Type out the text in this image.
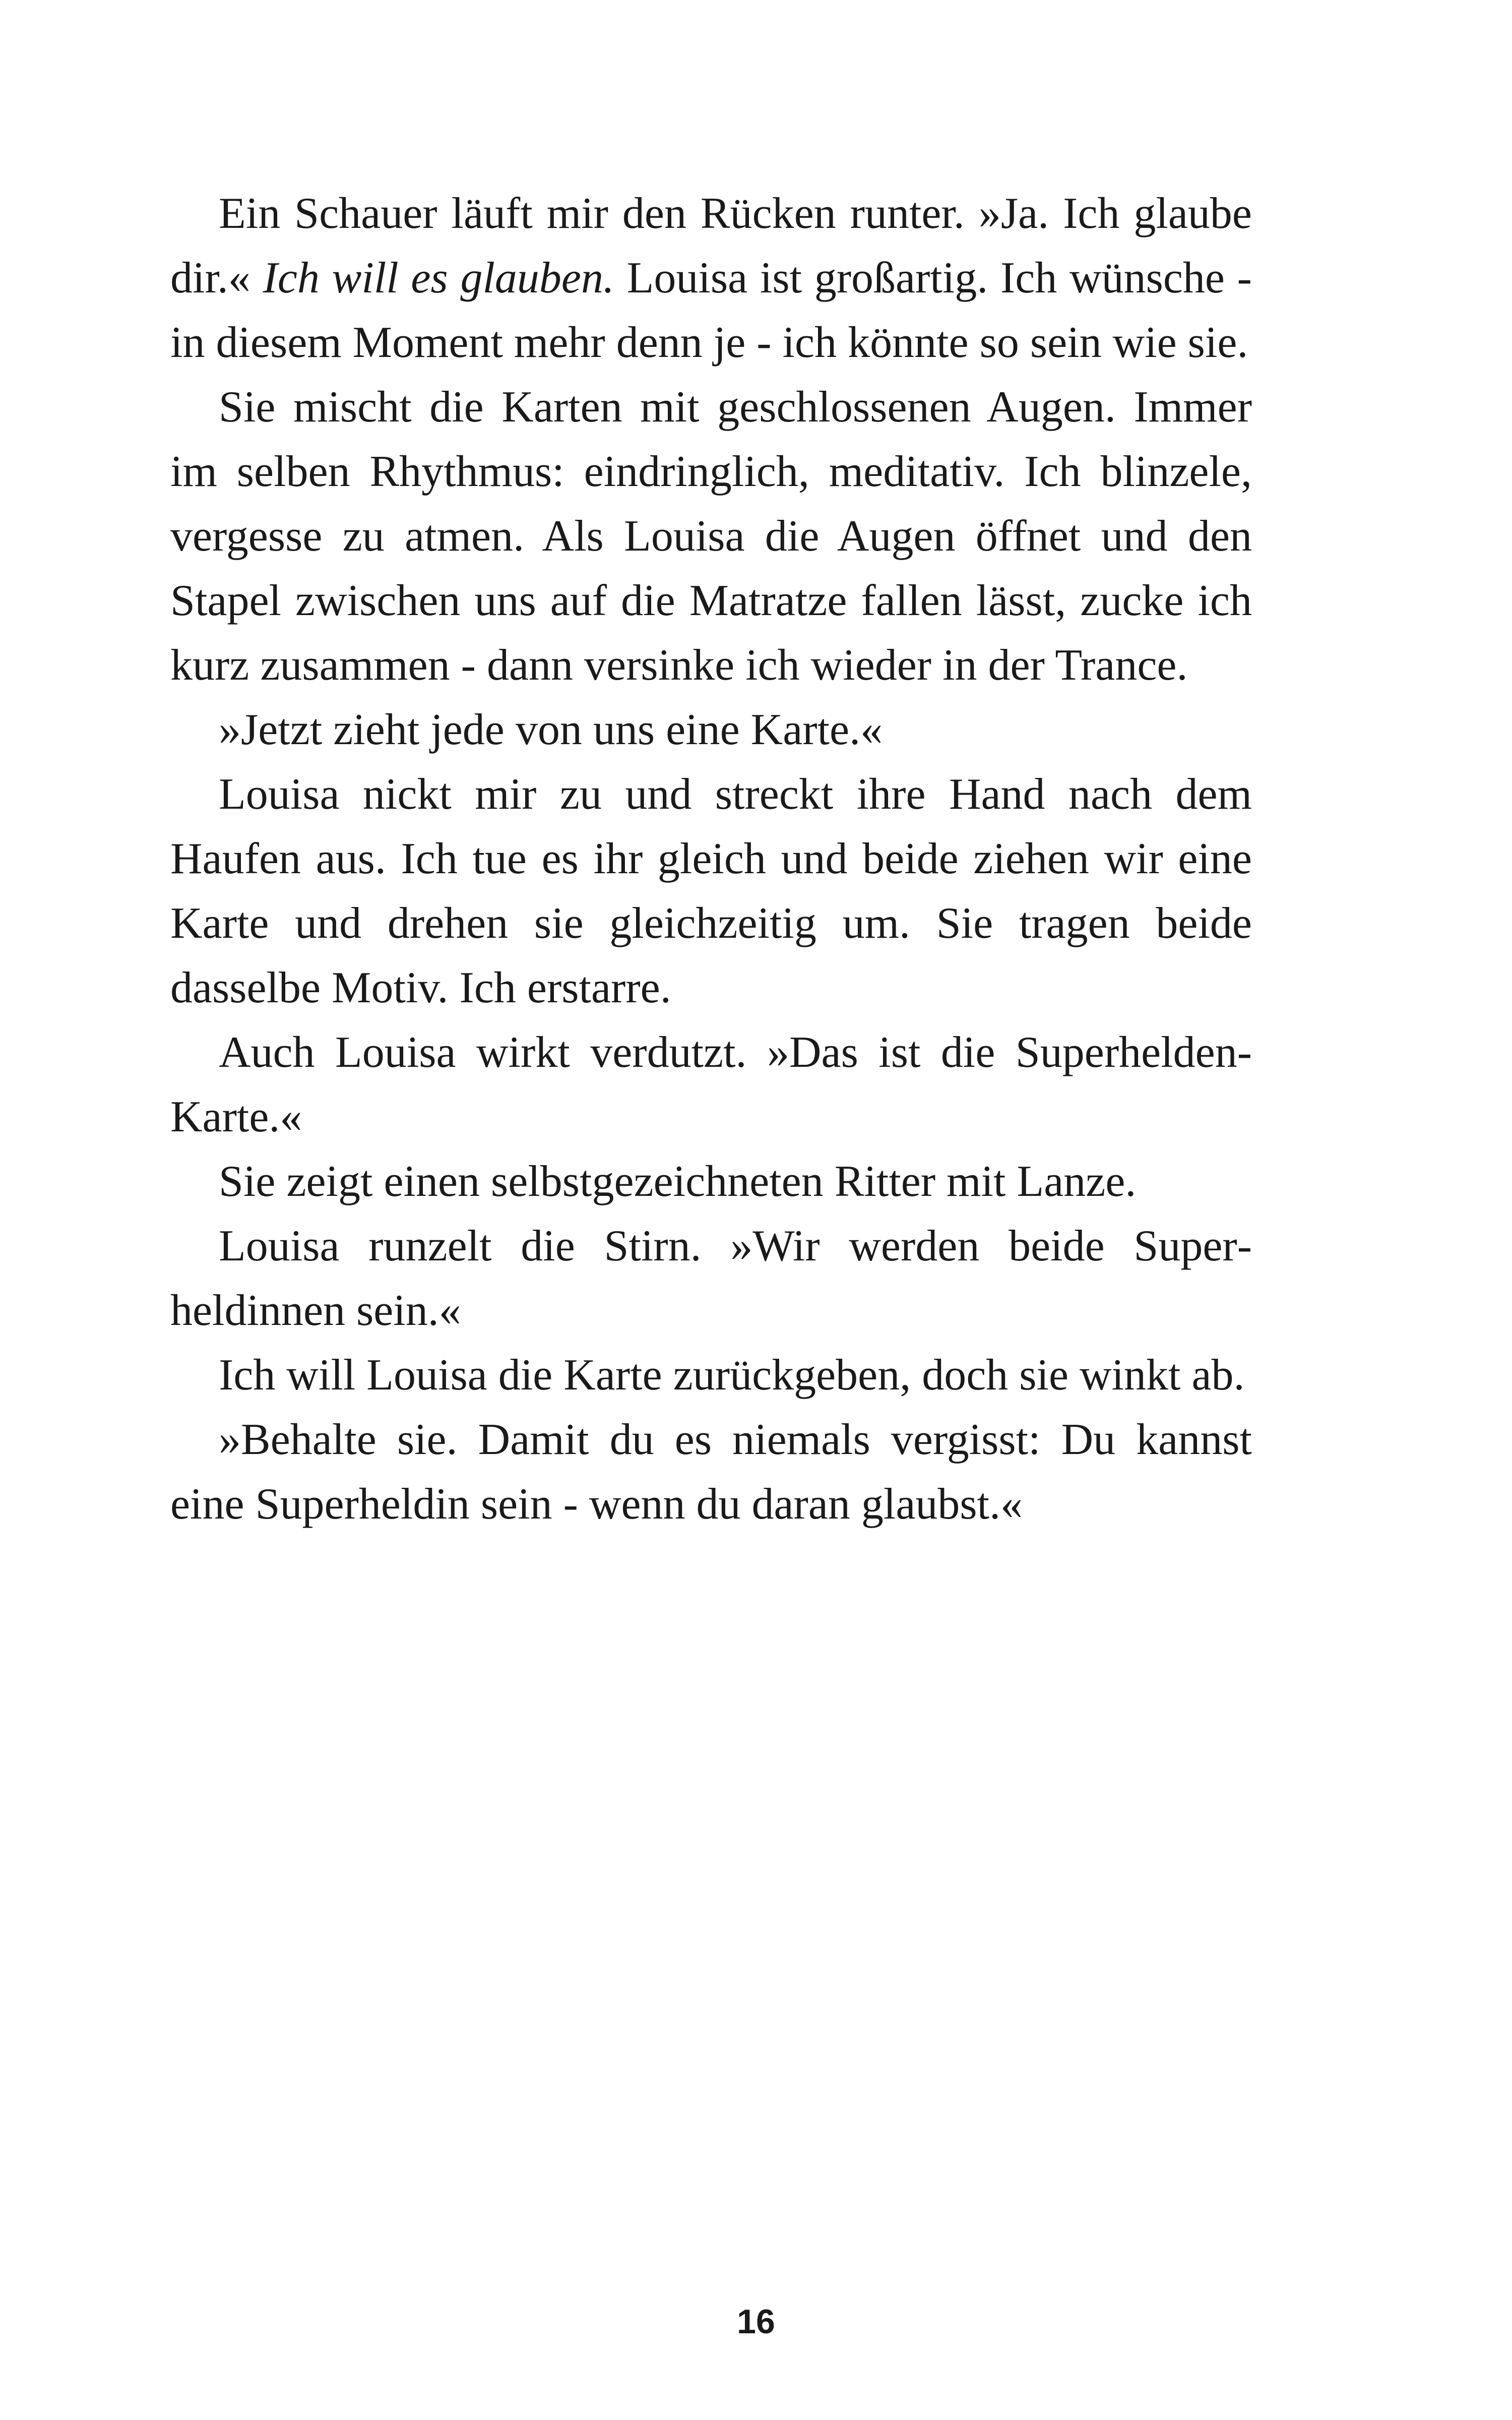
Ein Schauer läuft mir den Rücken runter. »Ja. Ich glaube dir.« Ich will es glauben. Louisa ist großartig. Ich wünsche - in diesem Moment mehr denn je - ich könnte so sein wie sie.

Sie mischt die Karten mit geschlossenen Augen. Immer im selben Rhythmus: eindringlich, meditativ. Ich blinzele, vergesse zu atmen. Als Louisa die Augen öffnet und den Stapel zwischen uns auf die Matratze fallen lässt, zucke ich kurz zusammen - dann versinke ich wieder in der Trance.

»Jetzt zieht jede von uns eine Karte.«

Louisa nickt mir zu und streckt ihre Hand nach dem Haufen aus. Ich tue es ihr gleich und beide ziehen wir eine Karte und drehen sie gleichzeitig um. Sie tragen beide dasselbe Motiv. Ich erstarre.

Auch Louisa wirkt verdutzt. »Das ist die Superhelden-Karte.«

Sie zeigt einen selbstgezeichneten Ritter mit Lanze.

Louisa runzelt die Stirn. »Wir werden beide Superheldinnen sein.«

Ich will Louisa die Karte zurückgeben, doch sie winkt ab.

»Behalte sie. Damit du es niemals vergisst: Du kannst eine Superheldin sein - wenn du daran glaubst.«

16
